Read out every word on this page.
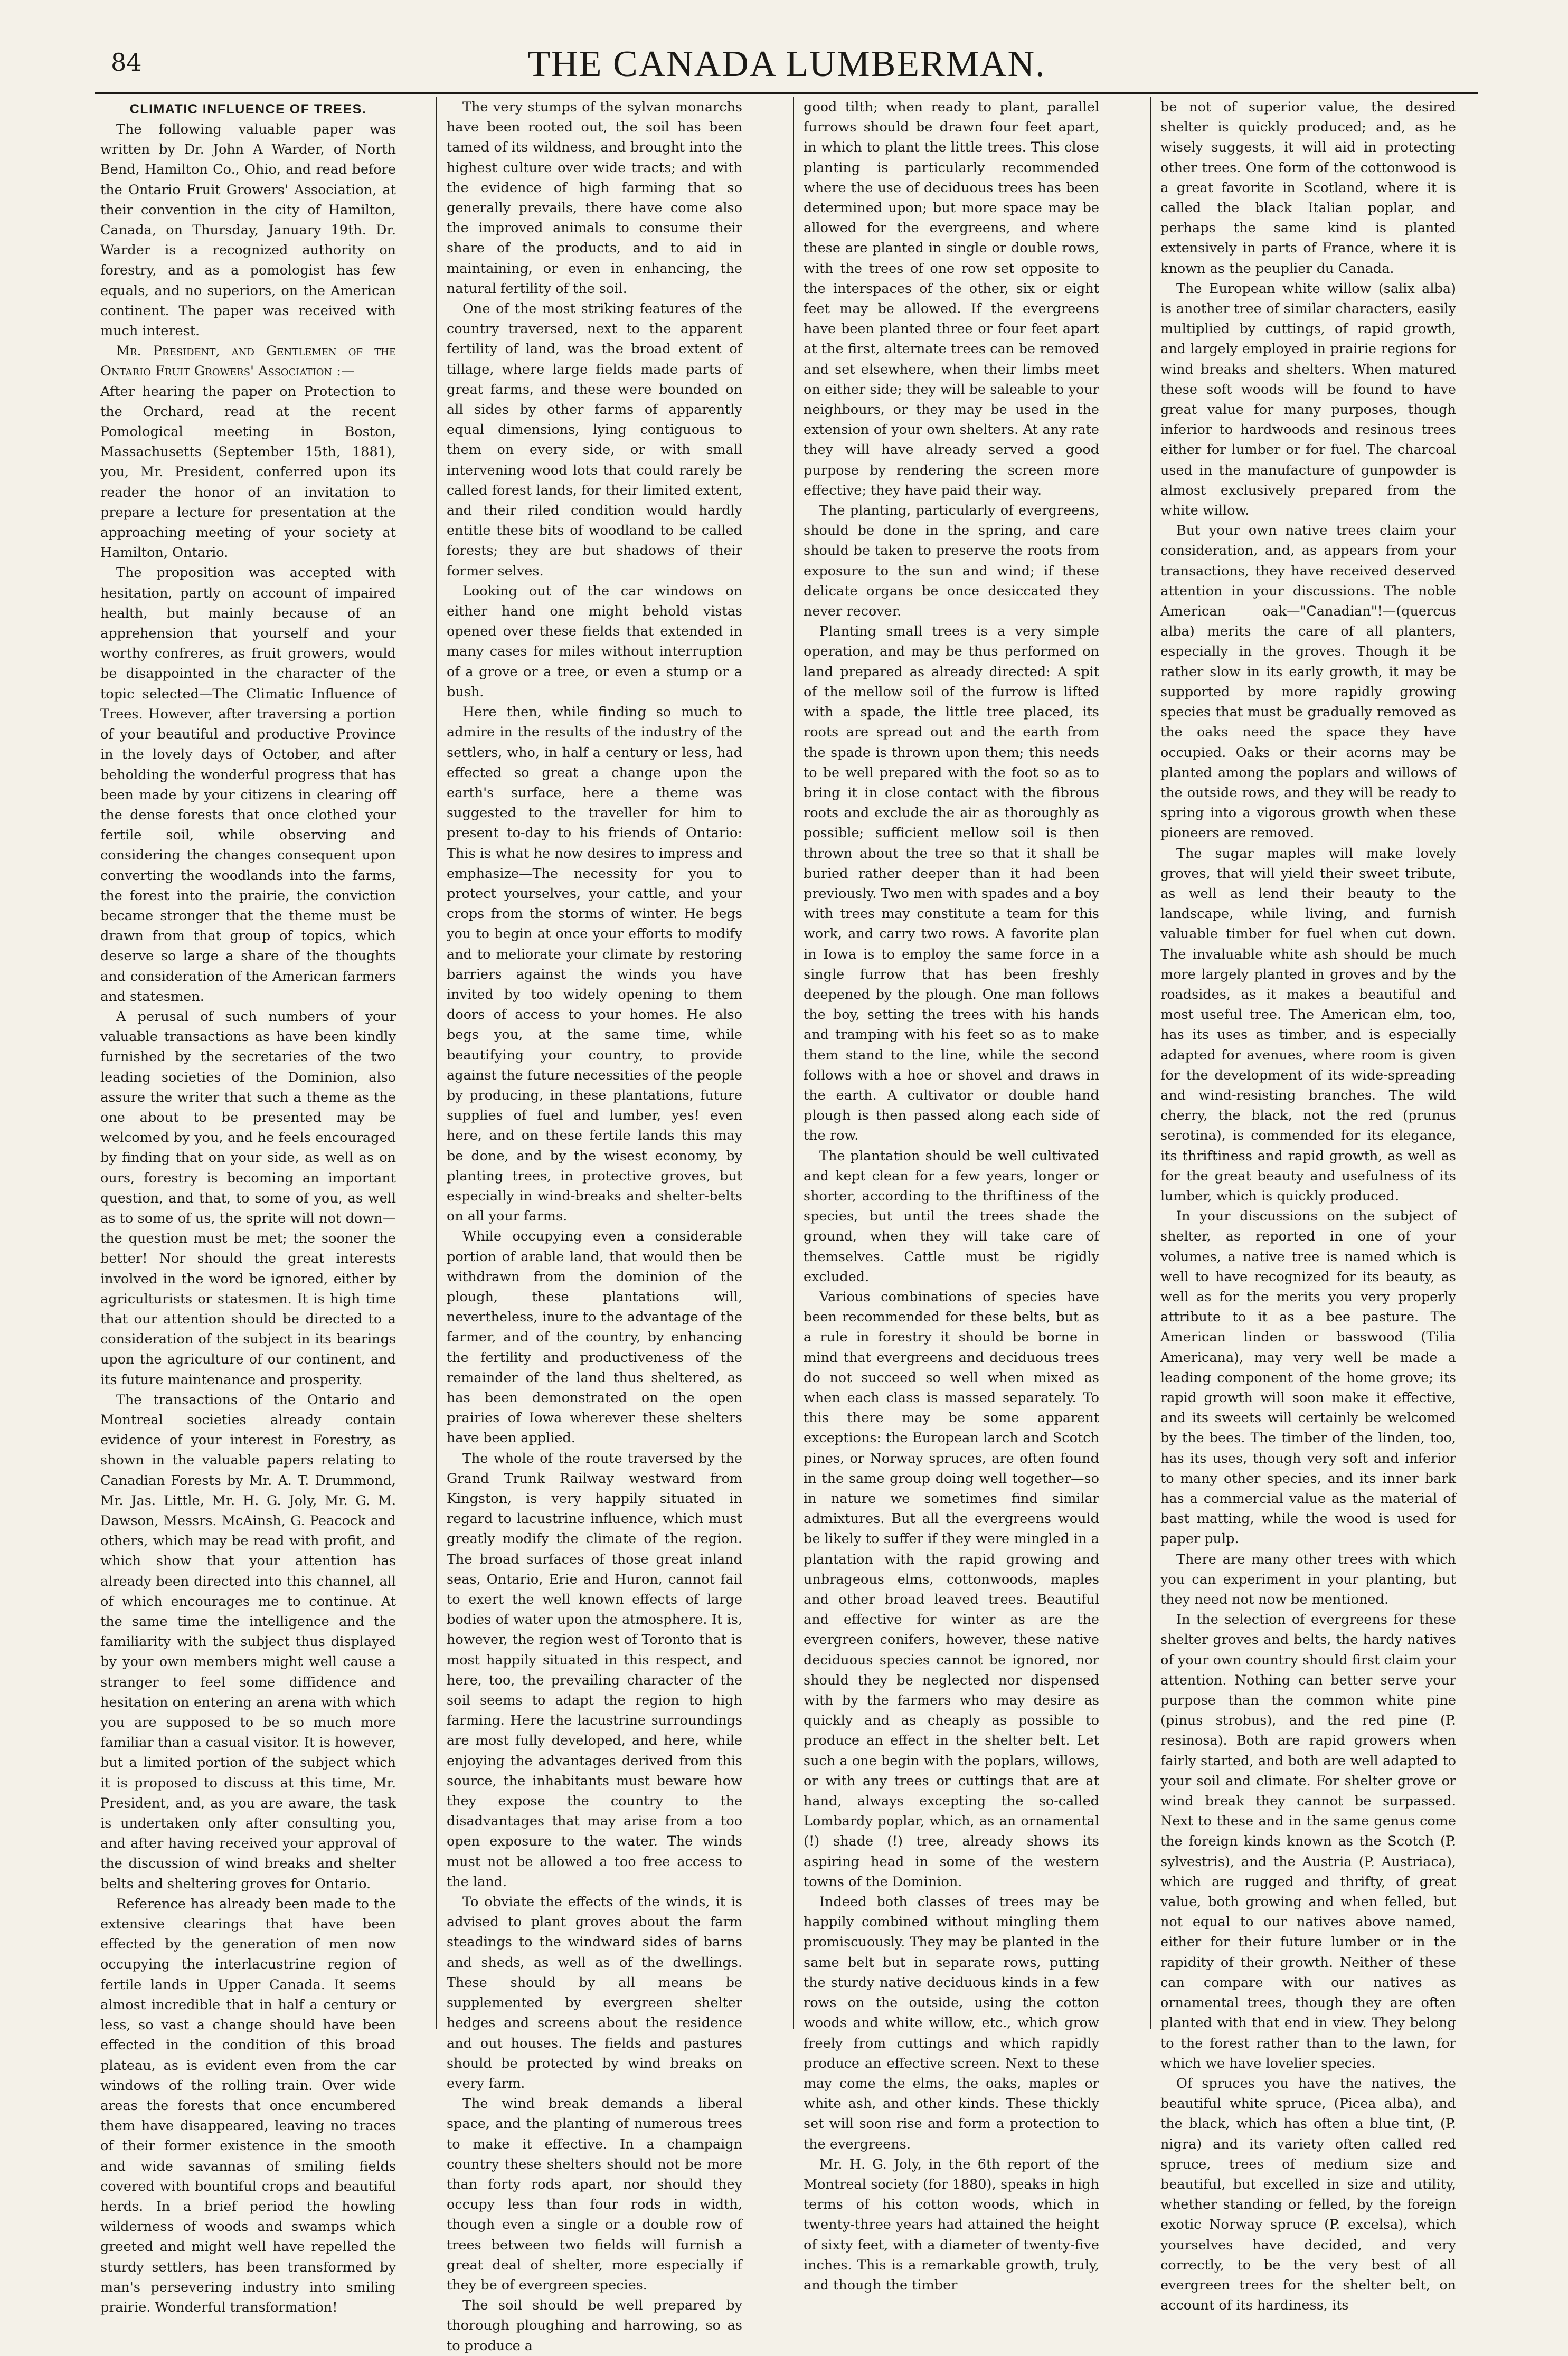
84	THE CANADA LUMBERMAN.
CLIMATIC INFLUENCE OF TREES.

The following valuable paper was written by Dr. John A Warder, of North Bend, Hamilton Co., Ohio, and read before the Ontario Fruit Growers' Association, at their convention in the city of Hamilton, Canada, on Thursday, January 19th. Dr. Warder is a recognized authority on forestry, and as a pomologist has few equals, and no superiors, on the American continent. The paper was received with much interest.

Mr. President, and Gentlemen of the Ontario Fruit Growers' Association :—

After hearing the paper on Protection to the Orchard, read at the recent Pomological meeting in Boston, Massachusetts (September 15th, 1881), you, Mr. President, conferred upon its reader the honor of an invitation to prepare a lecture for presentation at the approaching meeting of your society at Hamilton, Ontario.

The proposition was accepted with hesitation, partly on account of impaired health, but mainly because of an apprehension that yourself and your worthy confreres, as fruit growers, would be disappointed in the character of the topic selected—The Climatic Influence of Trees. However, after traversing a portion of your beautiful and productive Province in the lovely days of October, and after beholding the wonderful progress that has been made by your citizens in clearing off the dense forests that once clothed your fertile soil, while observing and considering the changes consequent upon converting the woodlands into the farms, the forest into the prairie, the conviction became stronger that the theme must be drawn from that group of topics, which deserve so large a share of the thoughts and consideration of the American farmers and statesmen.

A perusal of such numbers of your valuable transactions as have been kindly furnished by the secretaries of the two leading societies of the Dominion, also assure the writer that such a theme as the one about to be presented may be welcomed by you, and he feels encouraged by finding that on your side, as well as on ours, forestry is becoming an important question, and that, to some of you, as well as to some of us, the sprite will not down—the question must be met; the sooner the better! Nor should the great interests involved in the word be ignored, either by agriculturists or statesmen. It is high time that our attention should be directed to a consideration of the subject in its bearings upon the agriculture of our continent, and its future maintenance and prosperity.

The transactions of the Ontario and Montreal societies already contain evidence of your interest in Forestry, as shown in the valuable papers relating to Canadian Forests by Mr. A. T. Drummond, Mr. Jas. Little, Mr. H. G. Joly, Mr. G. M. Dawson, Messrs. McAinsh, G. Peacock and others, which may be read with profit, and which show that your attention has already been directed into this channel, all of which encourages me to continue. At the same time the intelligence and the familiarity with the subject thus displayed by your own members might well cause a stranger to feel some diffidence and hesitation on entering an arena with which you are supposed to be so much more familiar than a casual visitor. It is however, but a limited portion of the subject which it is proposed to discuss at this time, Mr. President, and, as you are aware, the task is undertaken only after consulting you, and after having received your approval of the discussion of wind breaks and shelter belts and sheltering groves for Ontario.

Reference has already been made to the extensive clearings that have been effected by the generation of men now occupying the interlacustrine region of fertile lands in Upper Canada. It seems almost incredible that in half a century or less, so vast a change should have been effected in the condition of this broad plateau, as is evident even from the car windows of the rolling train. Over wide areas the forests that once encumbered them have disappeared, leaving no traces of their former existence in the smooth and wide savannas of smiling fields covered with bountiful crops and beautiful herds. In a brief period the howling wilderness of woods and swamps which greeted and might well have repelled the sturdy settlers, has been transformed by man's persevering industry into smiling prairie. Wonderful transformation!

The very stumps of the sylvan monarchs have been rooted out, the soil has been tamed of its wildness, and brought into the highest culture over wide tracts; and with the evidence of high farming that so generally prevails, there have come also the improved animals to consume their share of the products, and to aid in maintaining, or even in enhancing, the natural fertility of the soil.

One of the most striking features of the country traversed, next to the apparent fertility of land, was the broad extent of tillage, where large fields made parts of great farms, and these were bounded on all sides by other farms of apparently equal dimensions, lying contiguous to them on every side, or with small intervening wood lots that could rarely be called forest lands, for their limited extent, and their riled condition would hardly entitle these bits of woodland to be called forests; they are but shadows of their former selves.

Looking out of the car windows on either hand one might behold vistas opened over these fields that extended in many cases for miles without interruption of a grove or a tree, or even a stump or a bush.

Here then, while finding so much to admire in the results of the industry of the settlers, who, in half a century or less, had effected so great a change upon the earth's surface, here a theme was suggested to the traveller for him to present to-day to his friends of Ontario: This is what he now desires to impress and emphasize—The necessity for you to protect yourselves, your cattle, and your crops from the storms of winter. He begs you to begin at once your efforts to modify and to meliorate your climate by restoring barriers against the winds you have invited by too widely opening to them doors of access to your homes. He also begs you, at the same time, while beautifying your country, to provide against the future necessities of the people by producing, in these plantations, future supplies of fuel and lumber, yes! even here, and on these fertile lands this may be done, and by the wisest economy, by planting trees, in protective groves, but especially in wind-breaks and shelter-belts on all your farms.

While occupying even a considerable portion of arable land, that would then be withdrawn from the dominion of the plough, these plantations will, nevertheless, inure to the advantage of the farmer, and of the country, by enhancing the fertility and productiveness of the remainder of the land thus sheltered, as has been demonstrated on the open prairies of Iowa wherever these shelters have been applied.

The whole of the route traversed by the Grand Trunk Railway westward from Kingston, is very happily situated in regard to lacustrine influence, which must greatly modify the climate of the region. The broad surfaces of those great inland seas, Ontario, Erie and Huron, cannot fail to exert the well known effects of large bodies of water upon the atmosphere. It is, however, the region west of Toronto that is most happily situated in this respect, and here, too, the prevailing character of the soil seems to adapt the region to high farming. Here the lacustrine surroundings are most fully developed, and here, while enjoying the advantages derived from this source, the inhabitants must beware how they expose the country to the disadvantages that may arise from a too open exposure to the water. The winds must not be allowed a too free access to the land.

To obviate the effects of the winds, it is advised to plant groves about the farm steadings to the windward sides of barns and sheds, as well as of the dwellings. These should by all means be supplemented by evergreen shelter hedges and screens about the residence and out houses. The fields and pastures should be protected by wind breaks on every farm.

The wind break demands a liberal space, and the planting of numerous trees to make it effective. In a champaign country these shelters should not be more than forty rods apart, nor should they occupy less than four rods in width, though even a single or a double row of trees between two fields will furnish a great deal of shelter, more especially if they be of evergreen species.

The soil should be well prepared by thorough ploughing and harrowing, so as to produce a

good tilth; when ready to plant, parallel furrows should be drawn four feet apart, in which to plant the little trees. This close planting is particularly recommended where the use of deciduous trees has been determined upon; but more space may be allowed for the evergreens, and where these are planted in single or double rows, with the trees of one row set opposite to the interspaces of the other, six or eight feet may be allowed. If the evergreens have been planted three or four feet apart at the first, alternate trees can be removed and set elsewhere, when their limbs meet on either side; they will be saleable to your neighbours, or they may be used in the extension of your own shelters. At any rate they will have already served a good purpose by rendering the screen more effective; they have paid their way.

The planting, particularly of evergreens, should be done in the spring, and care should be taken to preserve the roots from exposure to the sun and wind; if these delicate organs be once desiccated they never recover.

Planting small trees is a very simple operation, and may be thus performed on land prepared as already directed: A spit of the mellow soil of the furrow is lifted with a spade, the little tree placed, its roots are spread out and the earth from the spade is thrown upon them; this needs to be well prepared with the foot so as to bring it in close contact with the fibrous roots and exclude the air as thoroughly as possible; sufficient mellow soil is then thrown about the tree so that it shall be buried rather deeper than it had been previously. Two men with spades and a boy with trees may constitute a team for this work, and carry two rows. A favorite plan in Iowa is to employ the same force in a single furrow that has been freshly deepened by the plough. One man follows the boy, setting the trees with his hands and tramping with his feet so as to make them stand to the line, while the second follows with a hoe or shovel and draws in the earth. A cultivator or double hand plough is then passed along each side of the row.

The plantation should be well cultivated and kept clean for a few years, longer or shorter, according to the thriftiness of the species, but until the trees shade the ground, when they will take care of themselves. Cattle must be rigidly excluded.

Various combinations of species have been recommended for these belts, but as a rule in forestry it should be borne in mind that evergreens and deciduous trees do not succeed so well when mixed as when each class is massed separately. To this there may be some apparent exceptions: the European larch and Scotch pines, or Norway spruces, are often found in the same group doing well together—so in nature we sometimes find similar admixtures. But all the evergreens would be likely to suffer if they were mingled in a plantation with the rapid growing and unbrageous elms, cottonwoods, maples and other broad leaved trees. Beautiful and effective for winter as are the evergreen conifers, however, these native deciduous species cannot be ignored, nor should they be neglected nor dispensed with by the farmers who may desire as quickly and as cheaply as possible to produce an effect in the shelter belt. Let such a one begin with the poplars, willows, or with any trees or cuttings that are at hand, always excepting the so-called Lombardy poplar, which, as an ornamental (!) shade (!) tree, already shows its aspiring head in some of the western towns of the Dominion.

Indeed both classes of trees may be happily combined without mingling them promiscuously. They may be planted in the same belt but in separate rows, putting the sturdy native deciduous kinds in a few rows on the outside, using the cotton woods and white willow, etc., which grow freely from cuttings and which rapidly produce an effective screen. Next to these may come the elms, the oaks, maples or white ash, and other kinds. These thickly set will soon rise and form a protection to the evergreens.

Mr. H. G. Joly, in the 6th report of the Montreal society (for 1880), speaks in high terms of his cotton woods, which in twenty-three years had attained the height of sixty feet, with a diameter of twenty-five inches. This is a remarkable growth, truly, and though the timber

be not of superior value, the desired shelter is quickly produced; and, as he wisely suggests, it will aid in protecting other trees. One form of the cottonwood is a great favorite in Scotland, where it is called the black Italian poplar, and perhaps the same kind is planted extensively in parts of France, where it is known as the peuplier du Canada.

The European white willow (salix alba) is another tree of similar characters, easily multiplied by cuttings, of rapid growth, and largely employed in prairie regions for wind breaks and shelters. When matured these soft woods will be found to have great value for many purposes, though inferior to hardwoods and resinous trees either for lumber or for fuel. The charcoal used in the manufacture of gunpowder is almost exclusively prepared from the white willow.

But your own native trees claim your consideration, and, as appears from your transactions, they have received deserved attention in your discussions. The noble American oak—"Canadian"!—(quercus alba) merits the care of all planters, especially in the groves. Though it be rather slow in its early growth, it may be supported by more rapidly growing species that must be gradually removed as the oaks need the space they have occupied. Oaks or their acorns may be planted among the poplars and willows of the outside rows, and they will be ready to spring into a vigorous growth when these pioneers are removed.

The sugar maples will make lovely groves, that will yield their sweet tribute, as well as lend their beauty to the landscape, while living, and furnish valuable timber for fuel when cut down. The invaluable white ash should be much more largely planted in groves and by the roadsides, as it makes a beautiful and most useful tree. The American elm, too, has its uses as timber, and is especially adapted for avenues, where room is given for the development of its wide-spreading and wind-resisting branches. The wild cherry, the black, not the red (prunus serotina), is commended for its elegance, its thriftiness and rapid growth, as well as for the great beauty and usefulness of its lumber, which is quickly produced.

In your discussions on the subject of shelter, as reported in one of your volumes, a native tree is named which is well to have recognized for its beauty, as well as for the merits you very properly attribute to it as a bee pasture. The American linden or basswood (Tilia Americana), may very well be made a leading component of the home grove; its rapid growth will soon make it effective, and its sweets will certainly be welcomed by the bees. The timber of the linden, too, has its uses, though very soft and inferior to many other species, and its inner bark has a commercial value as the material of bast matting, while the wood is used for paper pulp.

There are many other trees with which you can experiment in your planting, but they need not now be mentioned.

In the selection of evergreens for these shelter groves and belts, the hardy natives of your own country should first claim your attention. Nothing can better serve your purpose than the common white pine (pinus strobus), and the red pine (P. resinosa). Both are rapid growers when fairly started, and both are well adapted to your soil and climate. For shelter grove or wind break they cannot be surpassed. Next to these and in the same genus come the foreign kinds known as the Scotch (P. sylvestris), and the Austria (P. Austriaca), which are rugged and thrifty, of great value, both growing and when felled, but not equal to our natives above named, either for their future lumber or in the rapidity of their growth. Neither of these can compare with our natives as ornamental trees, though they are often planted with that end in view. They belong to the forest rather than to the lawn, for which we have lovelier species.

Of spruces you have the natives, the beautiful white spruce, (Picea alba), and the black, which has often a blue tint, (P. nigra) and its variety often called red spruce, trees of medium size and beautiful, but excelled in size and utility, whether standing or felled, by the foreign exotic Norway spruce (P. excelsa), which yourselves have decided, and very correctly, to be the very best of all evergreen trees for the shelter belt, on account of its hardiness, its
